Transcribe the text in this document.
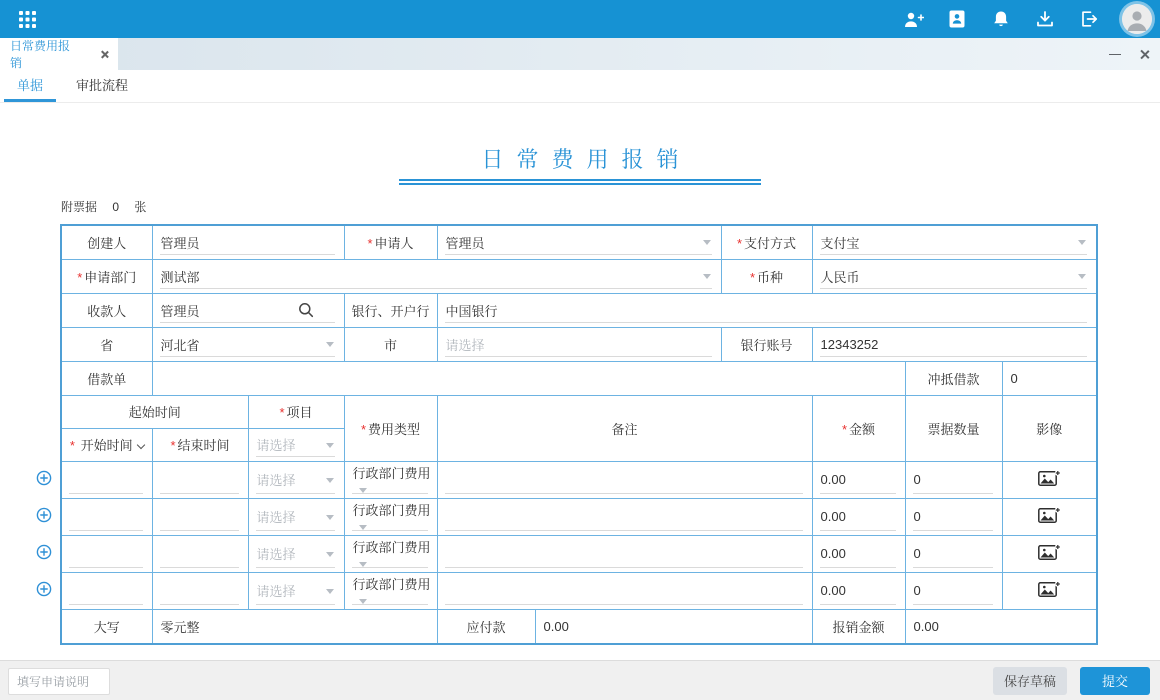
日常费用报销
单据	审批流程
日常费用报销
附票据 0 张
创建人	管理员		* 申请人	管理员		* 支付方式	支付宝		

* 申请部门	测试部					* 币种	人民币		

收款人	管理员		银行、开户行	中国银行					

省	河北省		市	请选择		银行账号	12343252		

借款单								冲抵借款	0
起始时间		* 项目	* 费用类型	备注			* 金额	票据数量	影像
* 开始时间	* 结束时间	请选择							

	请选择	行政部门费用				0.00	0

	请选择	行政部门费用				0.00	0

	请选择	行政部门费用				0.00	0

	请选择	行政部门费用				0.00	0

大写	零元整			应付款	0.00		报销金额	0.00	
填写申请说明
保存草稿	提交
